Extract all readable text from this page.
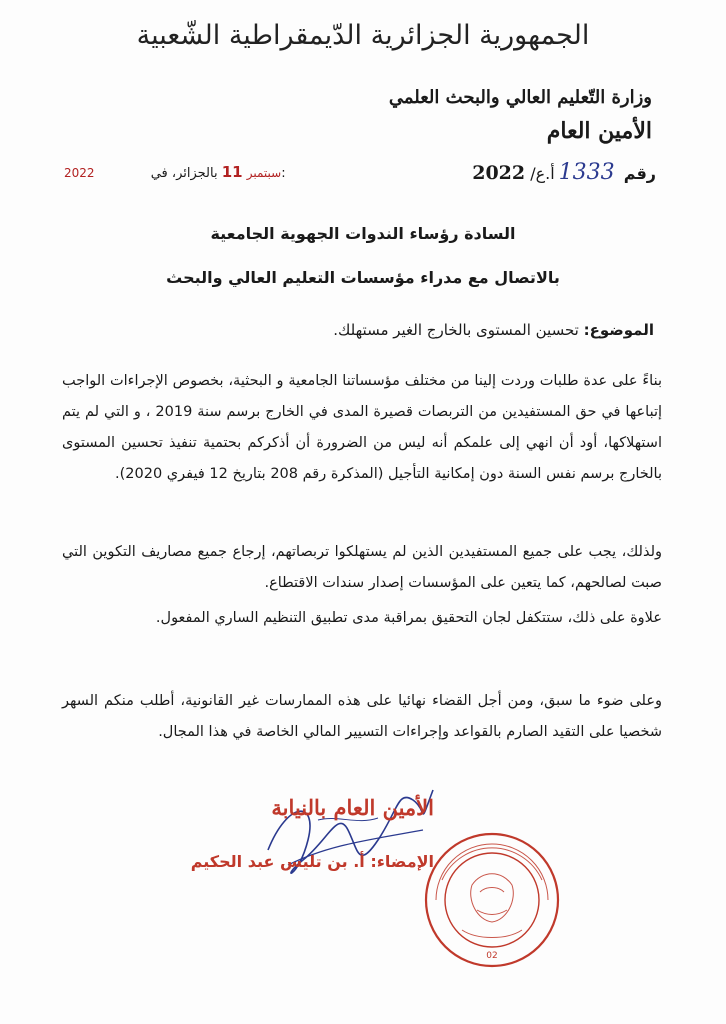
الجمهورية الجزائرية الدّيمقراطية الشّعبية
وزارة التّعليم العالي والبحث العلمي
الأمين العام
رقم 1333أ.ع/ 2022
2022	سبتمبر 11 بالجزائر، في:
السادة رؤساء الندوات الجهوية الجامعية
بالاتصال مع مدراء مؤسسات التعليم العالي والبحث
الموضوع: تحسين المستوى بالخارج الغير مستهلك.
بناءً على عدة طلبات وردت إلينا من مختلف مؤسساتنا الجامعية و البحثية، بخصوص الإجراءات الواجب إتباعها في حق المستفيدين من التربصات قصيرة المدى في الخارج برسم سنة 2019 ، و التي لم يتم استهلاكها، أود أن انهي إلى علمكم أنه ليس من الضرورة أن أذكركم بحتمية تنفيذ تحسين المستوى بالخارج برسم نفس السنة دون إمكانية التأجيل (المذكرة رقم 208 بتاريخ 12 فيفري 2020).
ولذلك، يجب على جميع المستفيدين الذين لم يستهلكوا تربصاتهم، إرجاع جميع مصاريف التكوين التي صبت لصالحهم، كما يتعين على المؤسسات إصدار سندات الاقتطاع.
علاوة على ذلك، ستتكفل لجان التحقيق بمراقبة مدى تطبيق التنظيم الساري المفعول.
وعلى ضوء ما سبق، ومن أجل القضاء نهائيا على هذه الممارسات غير القانونية، أطلب منكم السهر شخصيا على التقيد الصارم بالقواعد وإجراءات التسيير المالي الخاصة في هذا المجال.
الأمين العام بالنيابة
الإمضاء: أ. بن تليس عبد الحكيم
02
